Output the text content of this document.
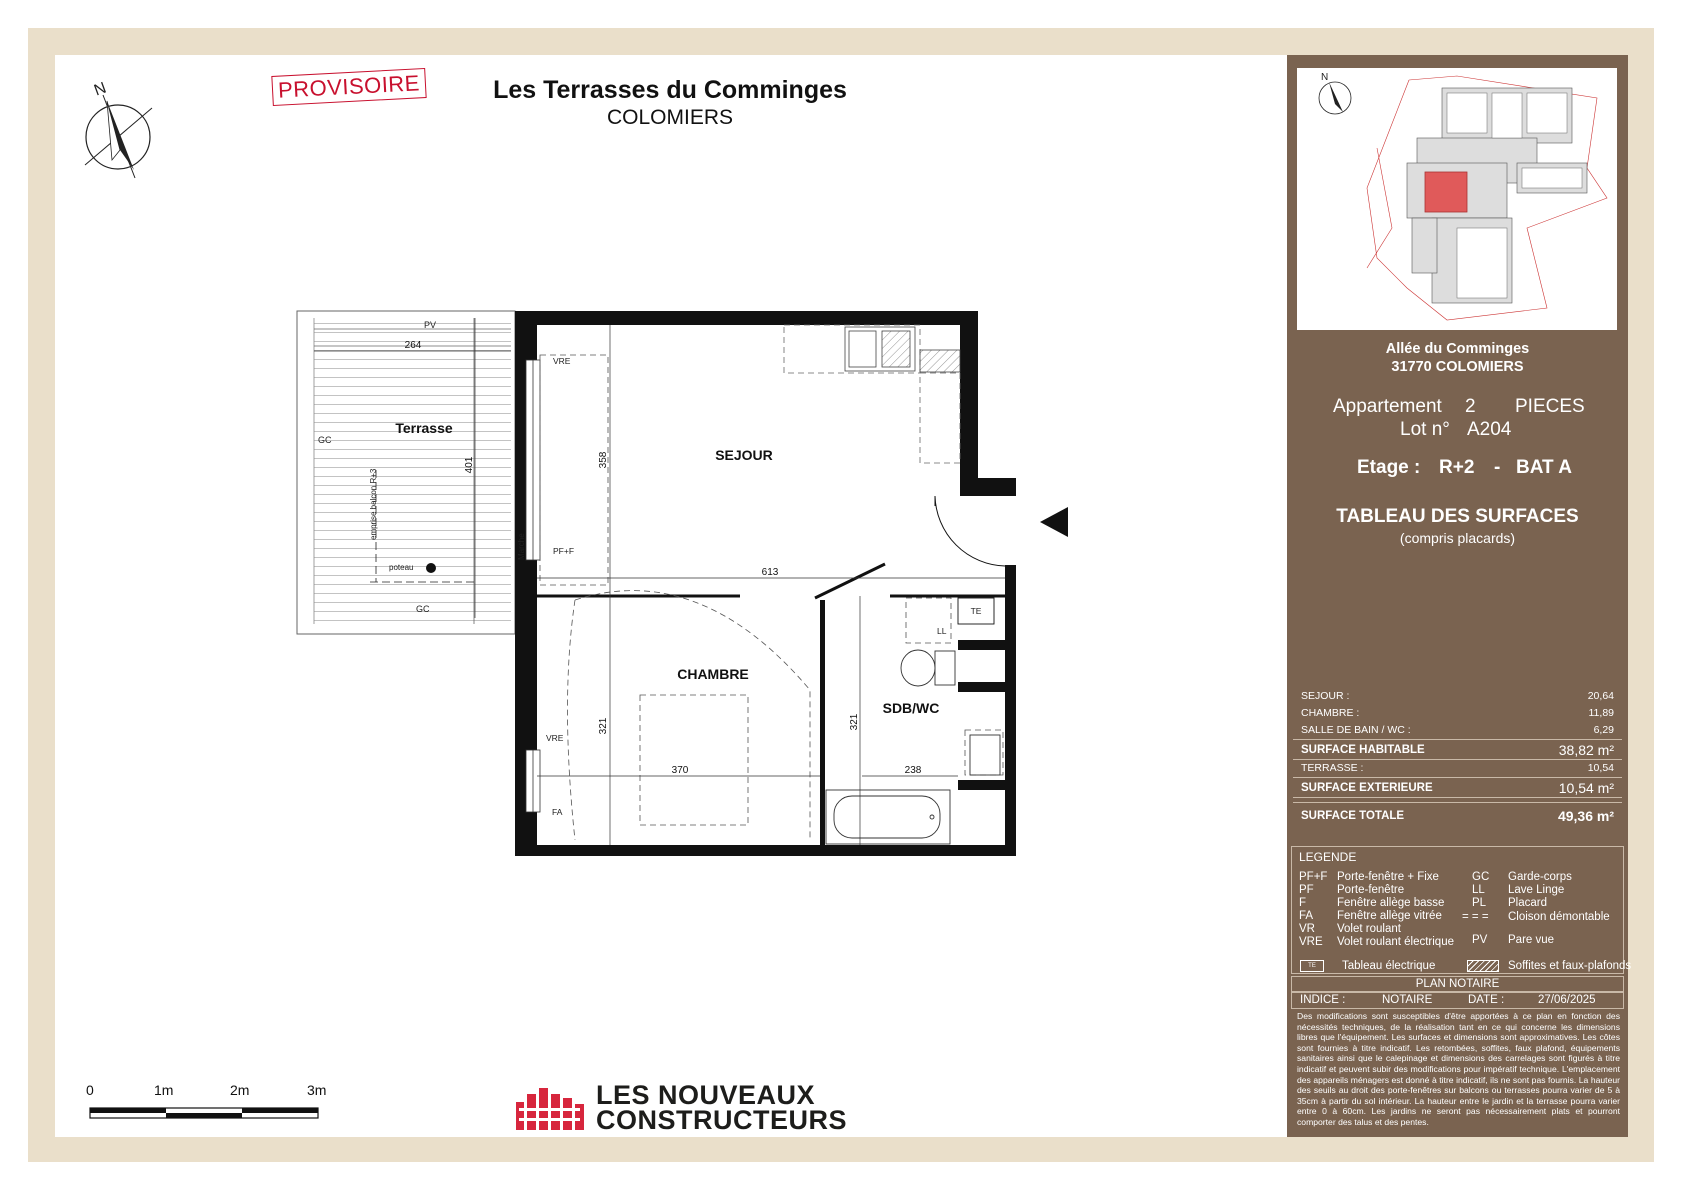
PROVISOIRE	Les Terrasses du Comminges
COLOMIERS
N
Terrasse
SEJOUR
CHAMBRE
SDB/WC
PV
GC
GC
emprise balcon R+3
poteau
Marche
VRE
PF+F
VRE
FA
LL
TE
264
401	358
613
321
370
321
238
0	1m	2m	3m	LES NOUVEAUX
CONSTRUCTEURS
N
Allée du Comminges
31770 COLOMIERS
Appartement 2 PIECES
Lot n° A204
Etage : R+2 - BAT A
TABLEAU DES SURFACES
(compris placards)
SEJOUR :	20,64
CHAMBRE :	11,89
SALLE DE BAIN / WC :	6,29
SURFACE HABITABLE	38,82 m²
TERRASSE :	10,54
SURFACE EXTERIEURE	10,54 m²
SURFACE TOTALE	49,36 m²
LEGENDE
PF+F Porte-fenêtre + Fixe
PF Porte-fenêtre
F	Fenêtre allège basse
FA Fenêtre allège vitrée
VR Volet roulant
VRE Volet roulant électrique
GC Garde-corps
LL Lave Linge
PL Placard
= = = Cloison démontable
PV Pare vue
TE	Tableau électrique	Soffites et faux-plafonds
PLAN NOTAIRE
INDICE :	NOTAIRE	DATE :	27/06/2025
Des modifications sont susceptibles d'être apportées à ce plan en fonction des nécessités techniques, de la réalisation tant en ce qui concerne les dimensions libres que l'équipement. Les surfaces et dimensions sont approximatives. Les côtes sont fournies à titre indicatif. Les retombées, soffites, faux plafond, équipements sanitaires ainsi que le calepinage et dimensions des carrelages sont figurés à titre indicatif et peuvent subir des modifications pour impératif technique. L'emplacement des appareils ménagers est donné à titre indicatif, ils ne sont pas fournis. La hauteur des seuils au droit des porte-fenêtres sur balcons ou terrasses pourra varier de 5 à 35cm à partir du sol intérieur. La hauteur entre le jardin et la terrasse pourra varier entre 0 à 60cm. Les jardins ne seront pas nécessairement plats et pourront comporter des talus et des pentes.
